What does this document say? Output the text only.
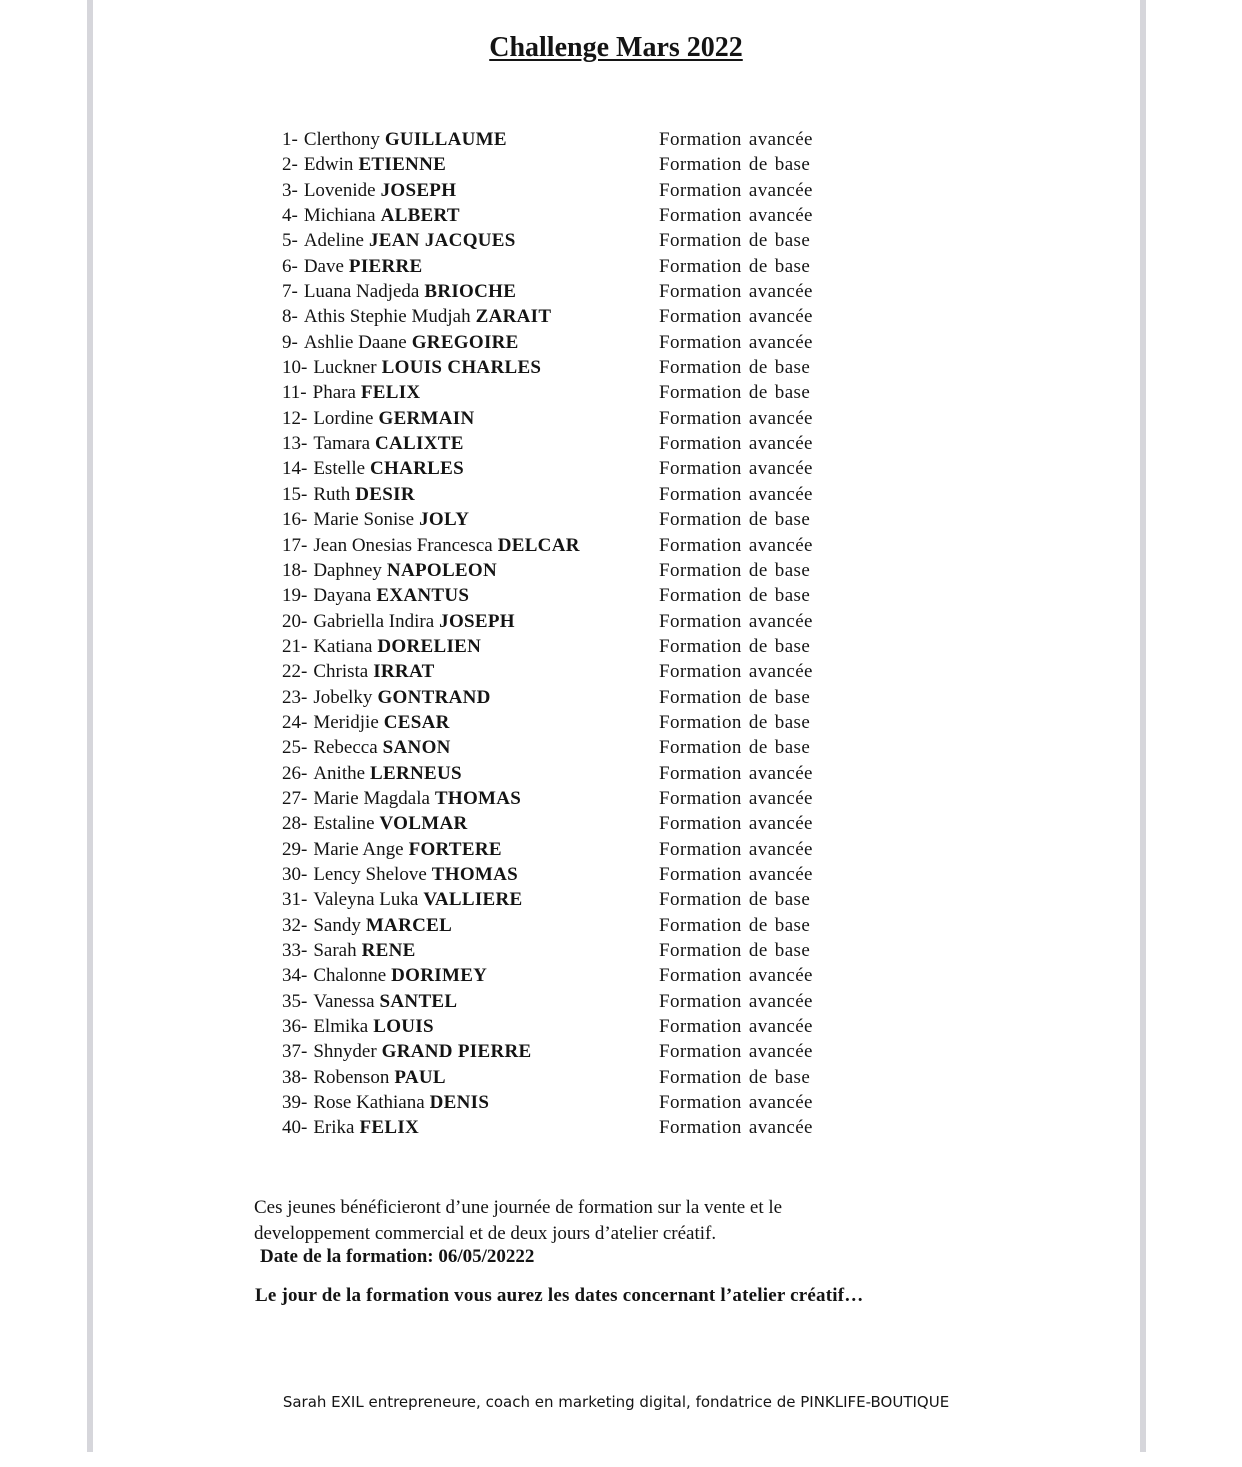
Challenge Mars 2022
1- Clerthony GUILLAUME	Formation avancée
2- Edwin ETIENNE	Formation de base
3- Lovenide JOSEPH	Formation avancée
4- Michiana ALBERT	Formation avancée
5- Adeline JEAN JACQUES	Formation de base
6- Dave PIERRE	Formation de base
7- Luana Nadjeda BRIOCHE	Formation avancée
8- Athis Stephie Mudjah ZARAIT	Formation avancée
9- Ashlie Daane GREGOIRE	Formation avancée
10- Luckner LOUIS CHARLES	Formation de base
11- Phara FELIX	Formation de base
12- Lordine GERMAIN	Formation avancée
13- Tamara CALIXTE	Formation avancée
14- Estelle CHARLES	Formation avancée
15- Ruth DESIR	Formation avancée
16- Marie Sonise JOLY	Formation de base
17- Jean Onesias Francesca DELCAR	Formation avancée
18- Daphney NAPOLEON	Formation de base
19- Dayana EXANTUS	Formation de base
20- Gabriella Indira JOSEPH	Formation avancée
21- Katiana DORELIEN	Formation de base
22- Christa IRRAT	Formation avancée
23- Jobelky GONTRAND	Formation de base
24- Meridjie CESAR	Formation de base
25- Rebecca SANON	Formation de base
26- Anithe LERNEUS	Formation avancée
27- Marie Magdala THOMAS	Formation avancée
28- Estaline VOLMAR	Formation avancée
29- Marie Ange FORTERE	Formation avancée
30- Lency Shelove THOMAS	Formation avancée
31- Valeyna Luka VALLIERE	Formation de base
32- Sandy MARCEL	Formation de base
33- Sarah RENE	Formation de base
34- Chalonne DORIMEY	Formation avancée
35- Vanessa SANTEL	Formation avancée
36- Elmika LOUIS	Formation avancée
37- Shnyder GRAND PIERRE	Formation avancée
38- Robenson PAUL	Formation de base
39- Rose Kathiana DENIS	Formation avancée
40- Erika FELIX	Formation avancée
Ces jeunes bénéficieront d’une journée de formation sur la vente et le
developpement commercial et de deux jours d’atelier créatif.
Date de la formation: 06/05/20222
Le jour de la formation vous aurez les dates concernant l’atelier créatif…
Sarah EXIL entrepreneure, coach en marketing digital, fondatrice de PINKLIFE-BOUTIQUE
